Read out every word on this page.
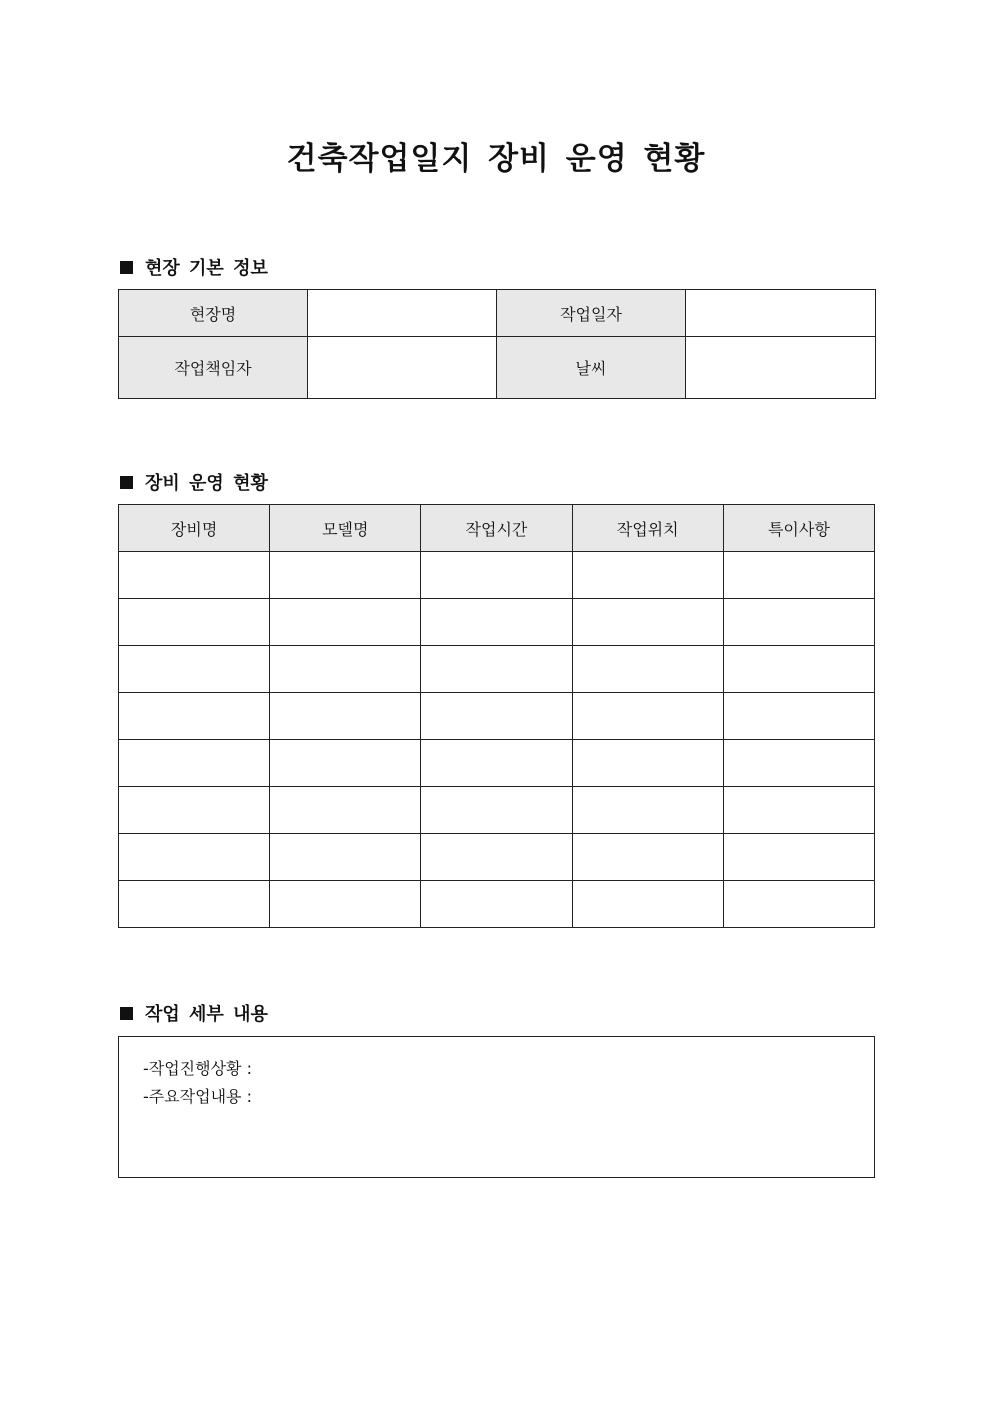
건축작업일지 장비 운영 현황
현장 기본 정보
현장명		작업일자	
작업책임자		날씨	
장비 운영 현황
장비명	모델명	작업시간	작업위치	특이사항

작업 세부 내용
-작업진행상황 :
-주요작업내용 :
